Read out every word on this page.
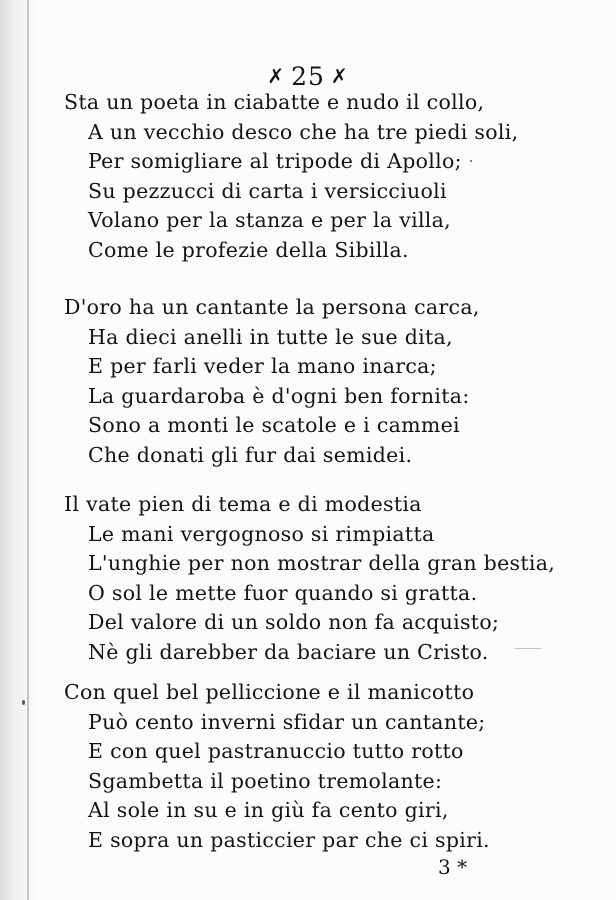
✗ 25 ✗
Sta un poeta in ciabatte e nudo il collo,
A un vecchio desco che ha tre piedi soli,
Per somigliare al tripode di Apollo;
Su pezzucci di carta i versicciuoli
Volano per la stanza e per la villa,
Come le profezie della Sibilla.
D'oro ha un cantante la persona carca,
Ha dieci anelli in tutte le sue dita,
E per farli veder la mano inarca;
La guardaroba è d'ogni ben fornita:
Sono a monti le scatole e i cammei
Che donati gli fur dai semidei.
Il vate pien di tema e di modestia
Le mani vergognoso si rimpiatta
L'unghie per non mostrar della gran bestia,
O sol le mette fuor quando si gratta.
Del valore di un soldo non fa acquisto;
Nè gli darebber da baciare un Cristo.
Con quel bel pelliccione e il manicotto
Può cento inverni sfidar un cantante;
E con quel pastranuccio tutto rotto
Sgambetta il poetino tremolante:
Al sole in su e in giù fa cento giri,
E sopra un pasticcier par che ci spiri.
3 *
